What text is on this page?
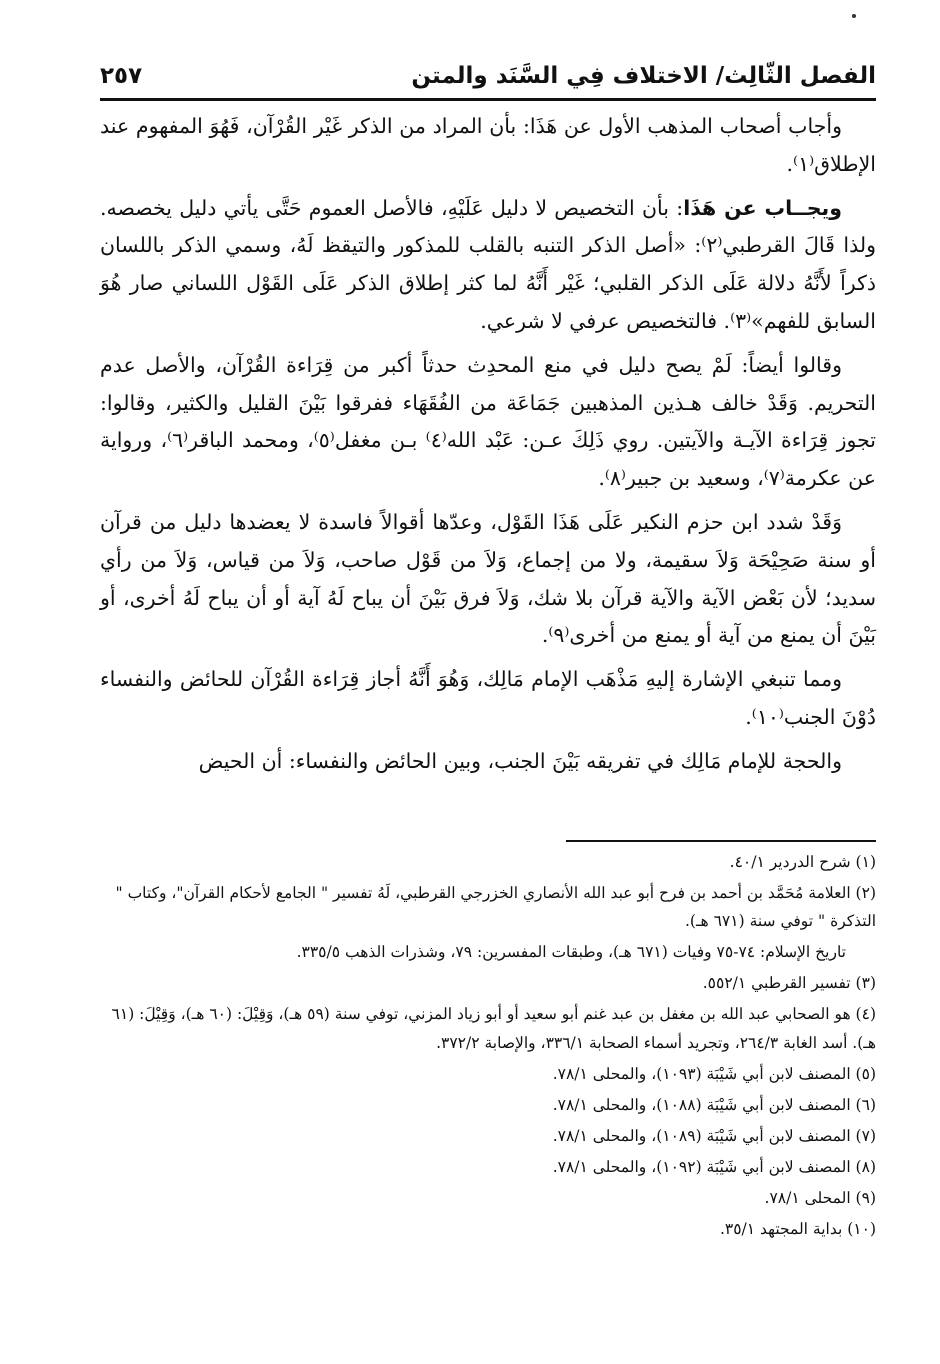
الفصل الثّالِث/ الاختلاف فِي السَّنَد والمتن
٢٥٧

وأجاب أصحاب المذهب الأول عن هَذَا: بأن المراد من الذكر غَيْر القُرْآن، فَهُوَ المفهوم عند الإطلاق⁽١⁾.

ويجــاب عن هَذَا: بأن التخصيص لا دليل عَلَيْهِ، فالأصل العموم حَتَّى يأتي دليل يخصصه. ولذا قَالَ القرطبي⁽٢⁾: «أصل الذكر التنبه بالقلب للمذكور والتيقظ لَهُ، وسمي الذكر باللسان ذكراً لأَنَّهُ دلالة عَلَى الذكر القلبي؛ غَيْر أَنَّهُ لما كثر إطلاق الذكر عَلَى القَوْل اللساني صار هُوَ السابق للفهم»⁽٣⁾. فالتخصيص عرفي لا شرعي.

وقالوا أيضاً: لَمْ يصح دليل في منع المحدِث حدثاً أكبر من قِرَاءة القُرْآن، والأصل عدم التحريم. وَقَدْ خالف هـذين المذهبين جَمَاعَة من الفُقَهَاء ففرقوا بَيْنَ القليل والكثير، وقالوا: تجوز قِرَاءة الآيـة والآيتين. روي ذَلِكَ عـن: عَبْد الله⁽٤⁾ بـن مغفل⁽٥⁾، ومحمد الباقر⁽٦⁾، ورواية عن عكرمة⁽٧⁾، وسعيد بن جبير⁽٨⁾.

وَقَدْ شدد ابن حزم النكير عَلَى هَذَا القَوْل، وعدّها أقوالاً فاسدة لا يعضدها دليل من قرآن أو سنة صَحِيْحَة وَلاَ سقيمة، ولا من إجماع، وَلاَ من قَوْل صاحب، وَلاَ من قياس، وَلاَ من رأي سديد؛ لأن بَعْض الآية والآية قرآن بلا شك، وَلاَ فرق بَيْنَ أن يباح لَهُ آية أو أن يباح لَهُ أخرى، أو بَيْنَ أن يمنع من آية أو يمنع من أخرى⁽٩⁾.

ومما تنبغي الإشارة إليهِ مَذْهَب الإمام مَالِك، وَهُوَ أَنَّهُ أجاز قِرَاءة القُرْآن للحائض والنفساء دُوْنَ الجنب⁽١٠⁾.

والحجة للإمام مَالِك في تفريقه بَيْنَ الجنب، وبين الحائض والنفساء: أن الحيض

(١) شرح الدردير ٤٠/١.
(٢) العلامة مُحَمَّد بن أحمد بن فرح أبو عبد الله الأنصاري الخزرجي القرطبي، لَهُ تفسير " الجامع لأحكام القرآن"، وكتاب " التذكرة " توفي سنة (٦٧١ هـ).
تاريخ الإسلام: ٧٤-٧٥ وفيات (٦٧١ هـ)، وطبقات المفسرين: ٧٩، وشذرات الذهب ٣٣٥/٥.
(٣) تفسير القرطبي ٥٥٢/١.
(٤) هو الصحابي عبد الله بن مغفل بن عبد غنم أبو سعيد أو أبو زياد المزني، توفي سنة (٥٩ هـ)، وَقِيْلَ: (٦٠ هـ)، وَقِيْلَ: (٦١ هـ). أسد الغابة ٢٦٤/٣، وتجريد أسماء الصحابة ٣٣٦/١، والإصابة ٣٧٢/٢.
(٥) المصنف لابن أبي شَيْبَة (١٠٩٣)، والمحلى ٧٨/١.
(٦) المصنف لابن أبي شَيْبَة (١٠٨٨)، والمحلى ٧٨/١.
(٧) المصنف لابن أبي شَيْبَة (١٠٨٩)، والمحلى ٧٨/١.
(٨) المصنف لابن أبي شَيْبَة (١٠٩٢)، والمحلى ٧٨/١.
(٩) المحلى ٧٨/١.
(١٠) بداية المجتهد ٣٥/١.
